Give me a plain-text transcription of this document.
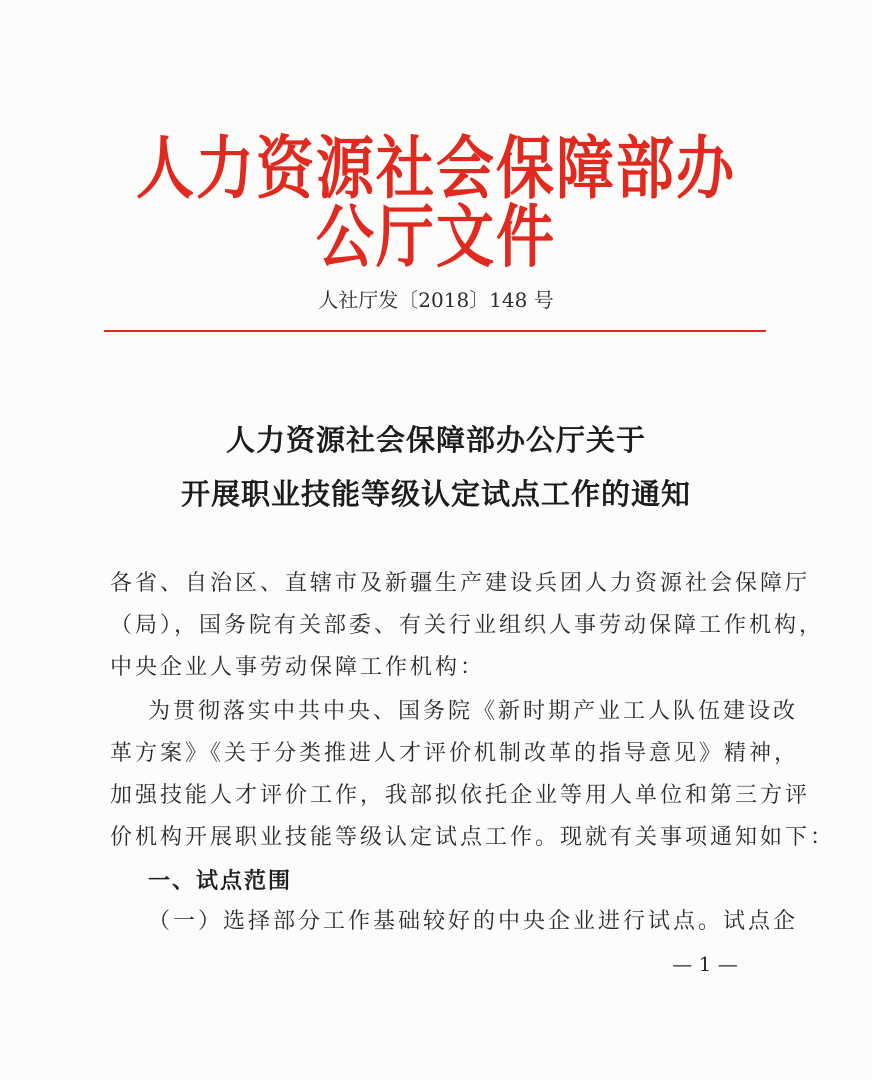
人力资源社会保障部办公厅文件
人社厅发〔2018〕148 号
人力资源社会保障部办公厅关于
开展职业技能等级认定试点工作的通知
各省、自治区、直辖市及新疆生产建设兵团人力资源社会保障厅
（局），国务院有关部委、有关行业组织人事劳动保障工作机构，
中央企业人事劳动保障工作机构：
为贯彻落实中共中央、国务院《新时期产业工人队伍建设改
革方案》《关于分类推进人才评价机制改革的指导意见》精神，
加强技能人才评价工作，我部拟依托企业等用人单位和第三方评
价机构开展职业技能等级认定试点工作。现就有关事项通知如下：
一、试点范围
（一）选择部分工作基础较好的中央企业进行试点。试点企
— 1 —
